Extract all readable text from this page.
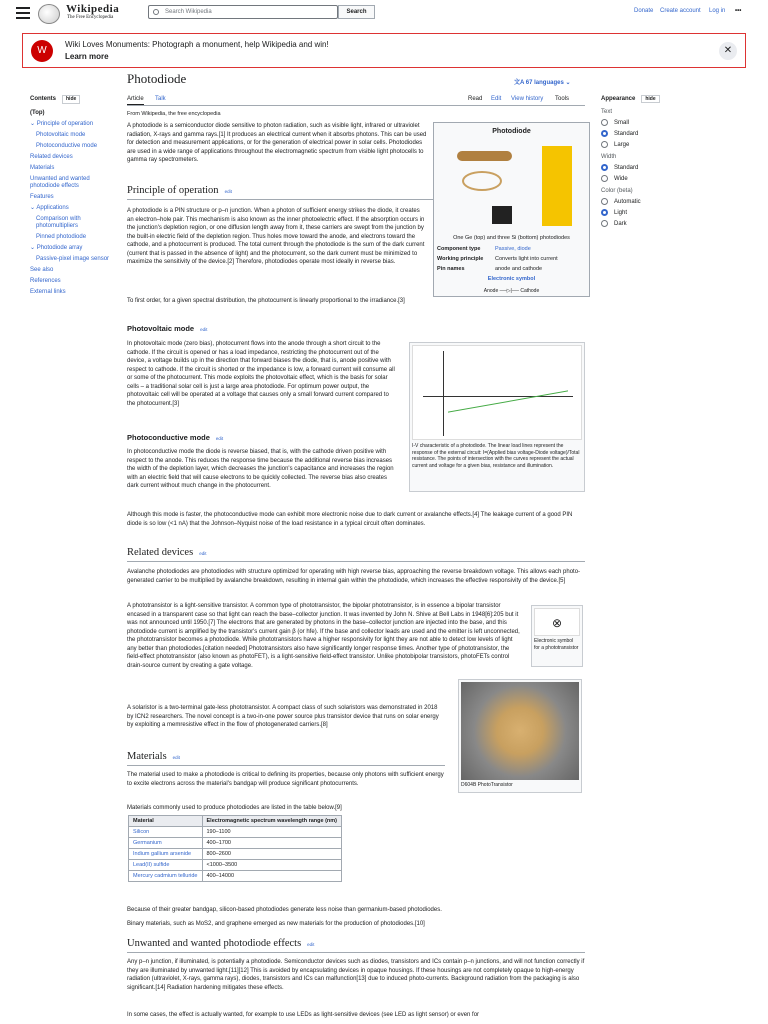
Wikipedia
The Free Encyclopedia
Search Wikipedia	Search	Donate Create account Log in •••
W
Wiki Loves Monuments: Photograph a monument, help Wikipedia and win!
Learn more	✕
Contents hide
(Top)
⌄ Principle of operation
Photovoltaic mode
Photoconductive mode
Related devices
Materials
Unwanted and wanted photodiode effects
Features
⌄ Applications
Comparison with photomultipliers
Pinned photodiode
⌄ Photodiode array
Passive-pixel image sensor
See also
References
External links
Photodiode	文A 67 languages ⌄
Article Talk	Read Edit View history Tools
From Wikipedia, the free encyclopedia
A photodiode is a semiconductor diode sensitive to photon radiation, such as visible light, infrared or ultraviolet radiation, X-rays and gamma rays.[1] It produces an electrical current when it absorbs photons. This can be used for detection and measurement applications, or for the generation of electrical power in solar cells. Photodiodes are used in a wide range of applications throughout the electromagnetic spectrum from visible light photocells to gamma ray spectrometers.
Principle of operation edit
A photodiode is a PIN structure or p–n junction. When a photon of sufficient energy strikes the diode, it creates an electron–hole pair. This mechanism is also known as the inner photoelectric effect. If the absorption occurs in the junction's depletion region, or one diffusion length away from it, these carriers are swept from the junction by the built-in electric field of the depletion region. Thus holes move toward the anode, and electrons toward the cathode, and a photocurrent is produced. The total current through the photodiode is the sum of the dark current (current that is passed in the absence of light) and the photocurrent, so the dark current must be minimized to maximize the sensitivity of the device.[2] Therefore, photodiodes operate most ideally in reverse bias.
To first order, for a given spectral distribution, the photocurrent is linearly proportional to the irradiance.[3]
Photovoltaic mode edit
In photovoltaic mode (zero bias), photocurrent flows into the anode through a short circuit to the cathode. If the circuit is opened or has a load impedance, restricting the photocurrent out of the device, a voltage builds up in the direction that forward biases the diode, that is, anode positive with respect to cathode. If the circuit is shorted or the impedance is low, a forward current will consume all or some of the photocurrent. This mode exploits the photovoltaic effect, which is the basis for solar cells – a traditional solar cell is just a large area photodiode. For optimum power output, the photovoltaic cell will be operated at a voltage that causes only a small forward current compared to the photocurrent.[3]
Photoconductive mode edit
In photoconductive mode the diode is reverse biased, that is, with the cathode driven positive with respect to the anode. This reduces the response time because the additional reverse bias increases the width of the depletion layer, which decreases the junction's capacitance and increases the region with an electric field that will cause electrons to be quickly collected. The reverse bias also creates dark current without much change in the photocurrent.
Although this mode is faster, the photoconductive mode can exhibit more electronic noise due to dark current or avalanche effects.[4] The leakage current of a good PIN diode is so low (<1 nA) that the Johnson–Nyquist noise of the load resistance in a typical circuit often dominates.
Related devices edit
Avalanche photodiodes are photodiodes with structure optimized for operating with high reverse bias, approaching the reverse breakdown voltage. This allows each photo-generated carrier to be multiplied by avalanche breakdown, resulting in internal gain within the photodiode, which increases the effective responsivity of the device.[5]
A phototransistor is a light-sensitive transistor. A common type of phototransistor, the bipolar phototransistor, is in essence a bipolar transistor encased in a transparent case so that light can reach the base–collector junction. It was invented by John N. Shive at Bell Labs in 1948[6]:205 but it was not announced until 1950.[7] The electrons that are generated by photons in the base–collector junction are injected into the base, and this photodiode current is amplified by the transistor's current gain β (or hfe). If the base and collector leads are used and the emitter is left unconnected, the phototransistor becomes a photodiode. While phototransistors have a higher responsivity for light they are not able to detect low levels of light any better than photodiodes.[citation needed] Phototransistors also have significantly longer response times. Another type of phototransistor, the field-effect phototransistor (also known as photoFET), is a light-sensitive field-effect transistor. Unlike photobipolar transistors, photoFETs control drain-source current by creating a gate voltage.
A solaristor is a two-terminal gate-less phototransistor. A compact class of such solaristors was demonstrated in 2018 by ICN2 researchers. The novel concept is a two-in-one power source plus transistor device that runs on solar energy by exploiting a memresistive effect in the flow of photogenerated carriers.[8]
Materials edit
The material used to make a photodiode is critical to defining its properties, because only photons with sufficient energy to excite electrons across the material's bandgap will produce significant photocurrents.
Materials commonly used to produce photodiodes are listed in the table below.[9]
Because of their greater bandgap, silicon-based photodiodes generate less noise than germanium-based photodiodes.
Binary materials, such as MoS2, and graphene emerged as new materials for the production of photodiodes.[10]
Unwanted and wanted photodiode effects edit
Any p–n junction, if illuminated, is potentially a photodiode. Semiconductor devices such as diodes, transistors and ICs contain p–n junctions, and will not function correctly if they are illuminated by unwanted light.[11][12] This is avoided by encapsulating devices in opaque housings. If these housings are not completely opaque to high-energy radiation (ultraviolet, X-rays, gamma rays), diodes, transistors and ICs can malfunction[13] due to induced photo-currents. Background radiation from the packaging is also significant.[14] Radiation hardening mitigates these effects.
In some cases, the effect is actually wanted, for example to use LEDs as light-sensitive devices (see LED as light sensor) or even for
Photodiode
One Ge (top) and three Si (bottom) photodiodes
Component type	Passive, diode
Working principle	Converts light into current
Pin names	anode and cathode
Electronic symbol
Anode ──▷|── Cathode
I-V characteristic of a photodiode. The linear load lines represent the response of the external circuit: I=(Applied bias voltage-Diode voltage)/Total resistance. The points of intersection with the curves represent the actual current and voltage for a given bias, resistance and illumination.
⊗
Electronic symbol for a phototransistor
D604B PhotoTransistor
Material	Electromagnetic spectrum wavelength range (nm)
Silicon	190–1100
Germanium	400–1700
Indium gallium arsenide	800–2600
Lead(II) sulfide	<1000–3500
Mercury cadmium telluride	400–14000
Appearance hide
Text
Small
Standard
Large
Width
Standard
Wide
Color (beta)
Automatic
Light
Dark
